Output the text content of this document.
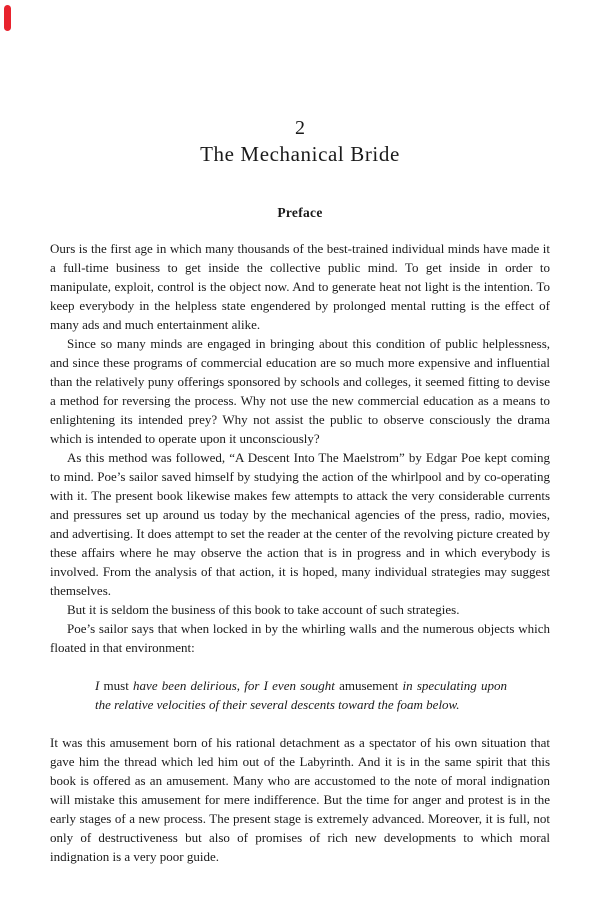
2
The Mechanical Bride
Preface

Ours is the first age in which many thousands of the best-trained individual minds have made it a full-time business to get inside the collective public mind. To get inside in order to manipulate, exploit, control is the object now. And to generate heat not light is the intention. To keep everybody in the helpless state engendered by prolonged mental rutting is the effect of many ads and much entertainment alike.

Since so many minds are engaged in bringing about this condition of public helplessness, and since these programs of commercial education are so much more expensive and influential than the relatively puny offerings sponsored by schools and colleges, it seemed fitting to devise a method for reversing the process. Why not use the new commercial education as a means to enlightening its intended prey? Why not assist the public to observe consciously the drama which is intended to operate upon it unconsciously?

As this method was followed, “A Descent Into The Maelstrom” by Edgar Poe kept coming to mind. Poe’s sailor saved himself by studying the action of the whirlpool and by co-operating with it. The present book likewise makes few attempts to attack the very considerable currents and pressures set up around us today by the mechanical agencies of the press, radio, movies, and advertising. It does attempt to set the reader at the center of the revolving picture created by these affairs where he may observe the action that is in progress and in which everybody is involved. From the analysis of that action, it is hoped, many individual strategies may suggest themselves.

But it is seldom the business of this book to take account of such strategies.

Poe’s sailor says that when locked in by the whirling walls and the numerous objects which floated in that environment:

I must have been delirious, for I even sought amusement in speculating upon the relative velocities of their several descents toward the foam below.

It was this amusement born of his rational detachment as a spectator of his own situation that gave him the thread which led him out of the Labyrinth. And it is in the same spirit that this book is offered as an amusement. Many who are accustomed to the note of moral indignation will mistake this amusement for mere indifference. But the time for anger and protest is in the early stages of a new process. The present stage is extremely advanced. Moreover, it is full, not only of destructiveness but also of promises of rich new developments to which moral indignation is a very poor guide.
